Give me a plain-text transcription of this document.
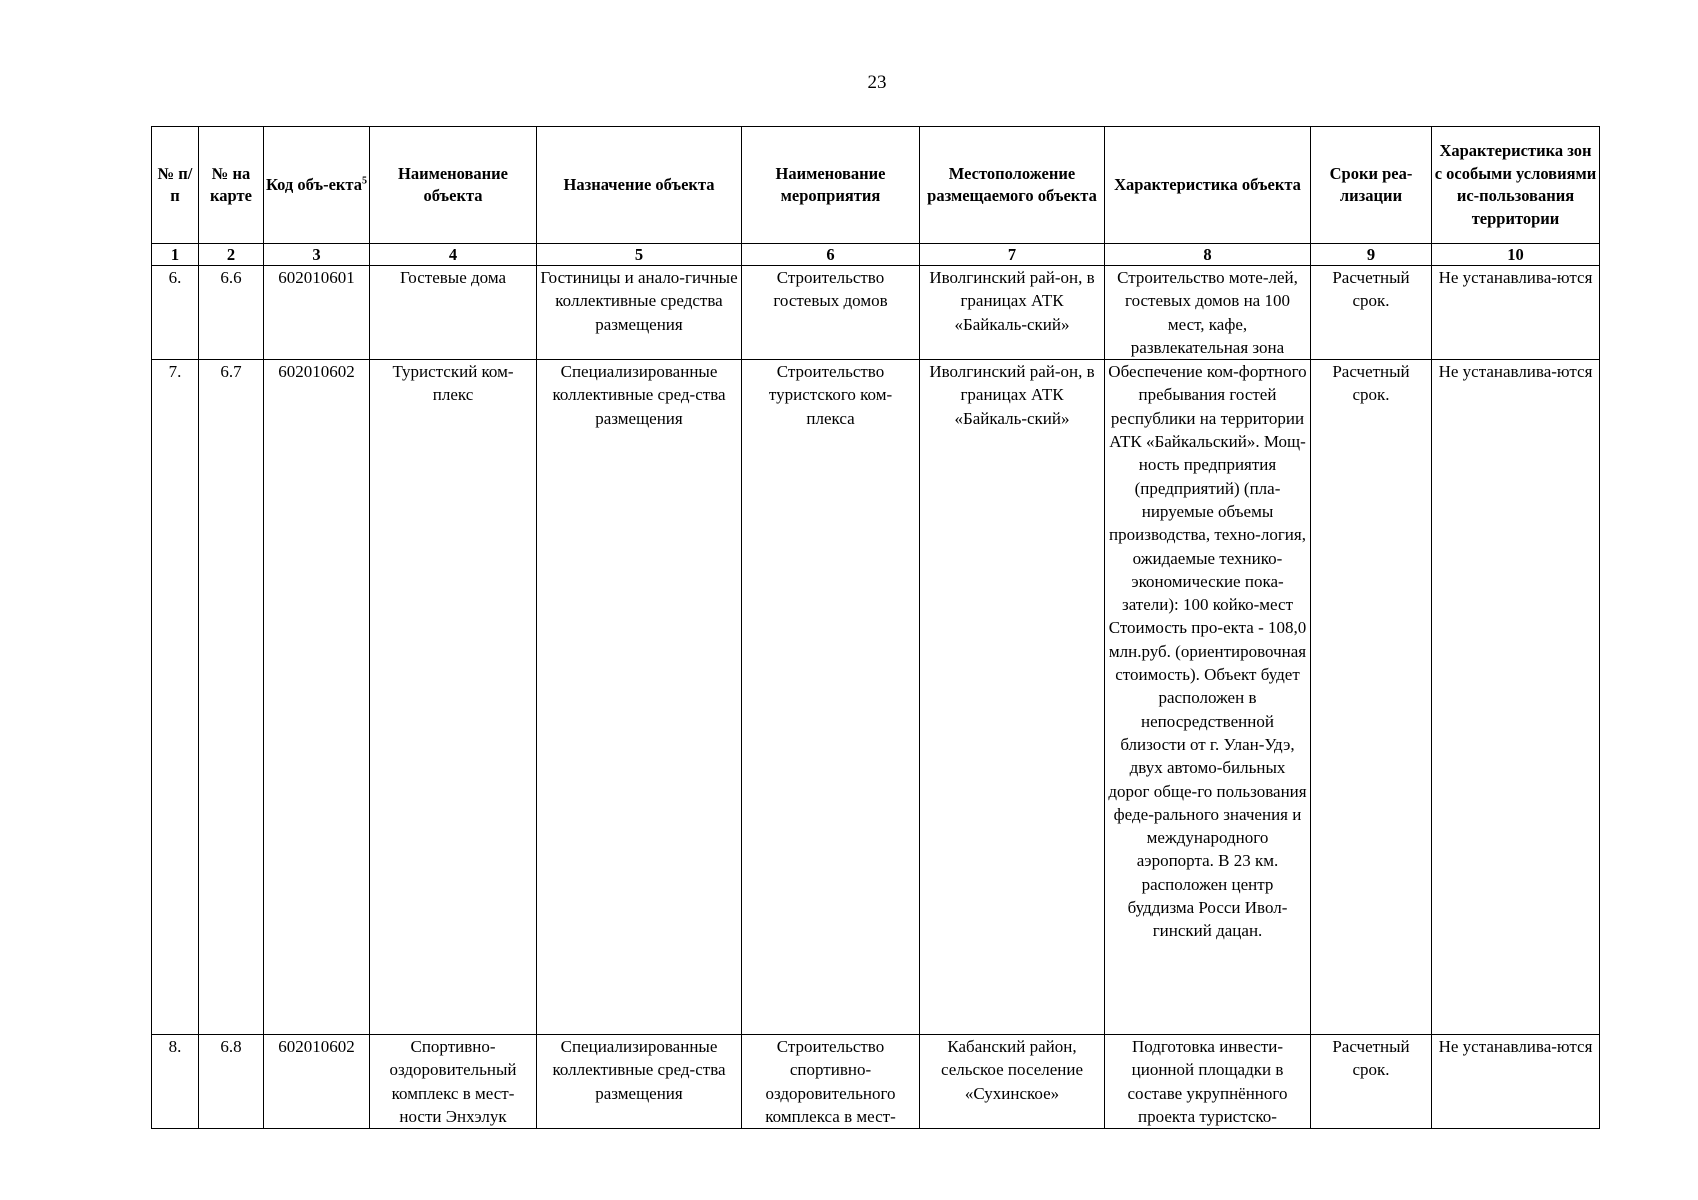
23
№ п/п	№ на карте	Код объ-екта$^5$	Наименование объекта	Назначение объекта	Наименование мероприятия	Местоположение размещаемого объекта	Характеристика объекта	Сроки реа-лизации	Характеристика зон с особыми условиями ис-пользования территории
1	2	3	4	5	6	7	8	9	10
6.	6.6	602010601	Гостевые дома	Гостиницы и анало-гичные коллективные средства размещения	Строительство гостевых домов	Иволгинский рай-он, в границах АТК «Байкаль-ский»	Строительство моте-лей, гостевых домов на 100 мест, кафе, развлекательная зона	Расчетный срок.	Не устанавлива-ются
7.	6.7	602010602	Туристский ком-плекс	Специализированные коллективные сред-ства размещения	Строительство туристского ком-плекса	Иволгинский рай-он, в границах АТК «Байкаль-ский»	Обеспечение ком-фортного пребывания гостей республики на территории АТК «Байкальский». Мощ-ность предприятия (предприятий) (пла-нируемые объемы производства, техно-логия, ожидаемые технико-экономические пока-затели): 100 койко-мест Стоимость про-екта - 108,0 млн.руб. (ориентировочная стоимость). Объект будет расположен в непосредственной близости от г. Улан-Удэ, двух автомо-бильных дорог обще-го пользования феде-рального значения и международного аэропорта. В 23 км. расположен центр буддизма Росси Ивол-гинский дацан.	Расчетный срок.	Не устанавлива-ются
8.	6.8	602010602	Спортивно-оздоровительный комплекс в мест-ности Энхэлук	Специализированные коллективные сред-ства размещения	Строительство спортивно-оздоровительного комплекса в мест-	Кабанский район, сельское поселение «Сухинское»	Подготовка инвести-ционной площадки в составе укрупнённого проекта туристско-	Расчетный срок.	Не устанавлива-ются
